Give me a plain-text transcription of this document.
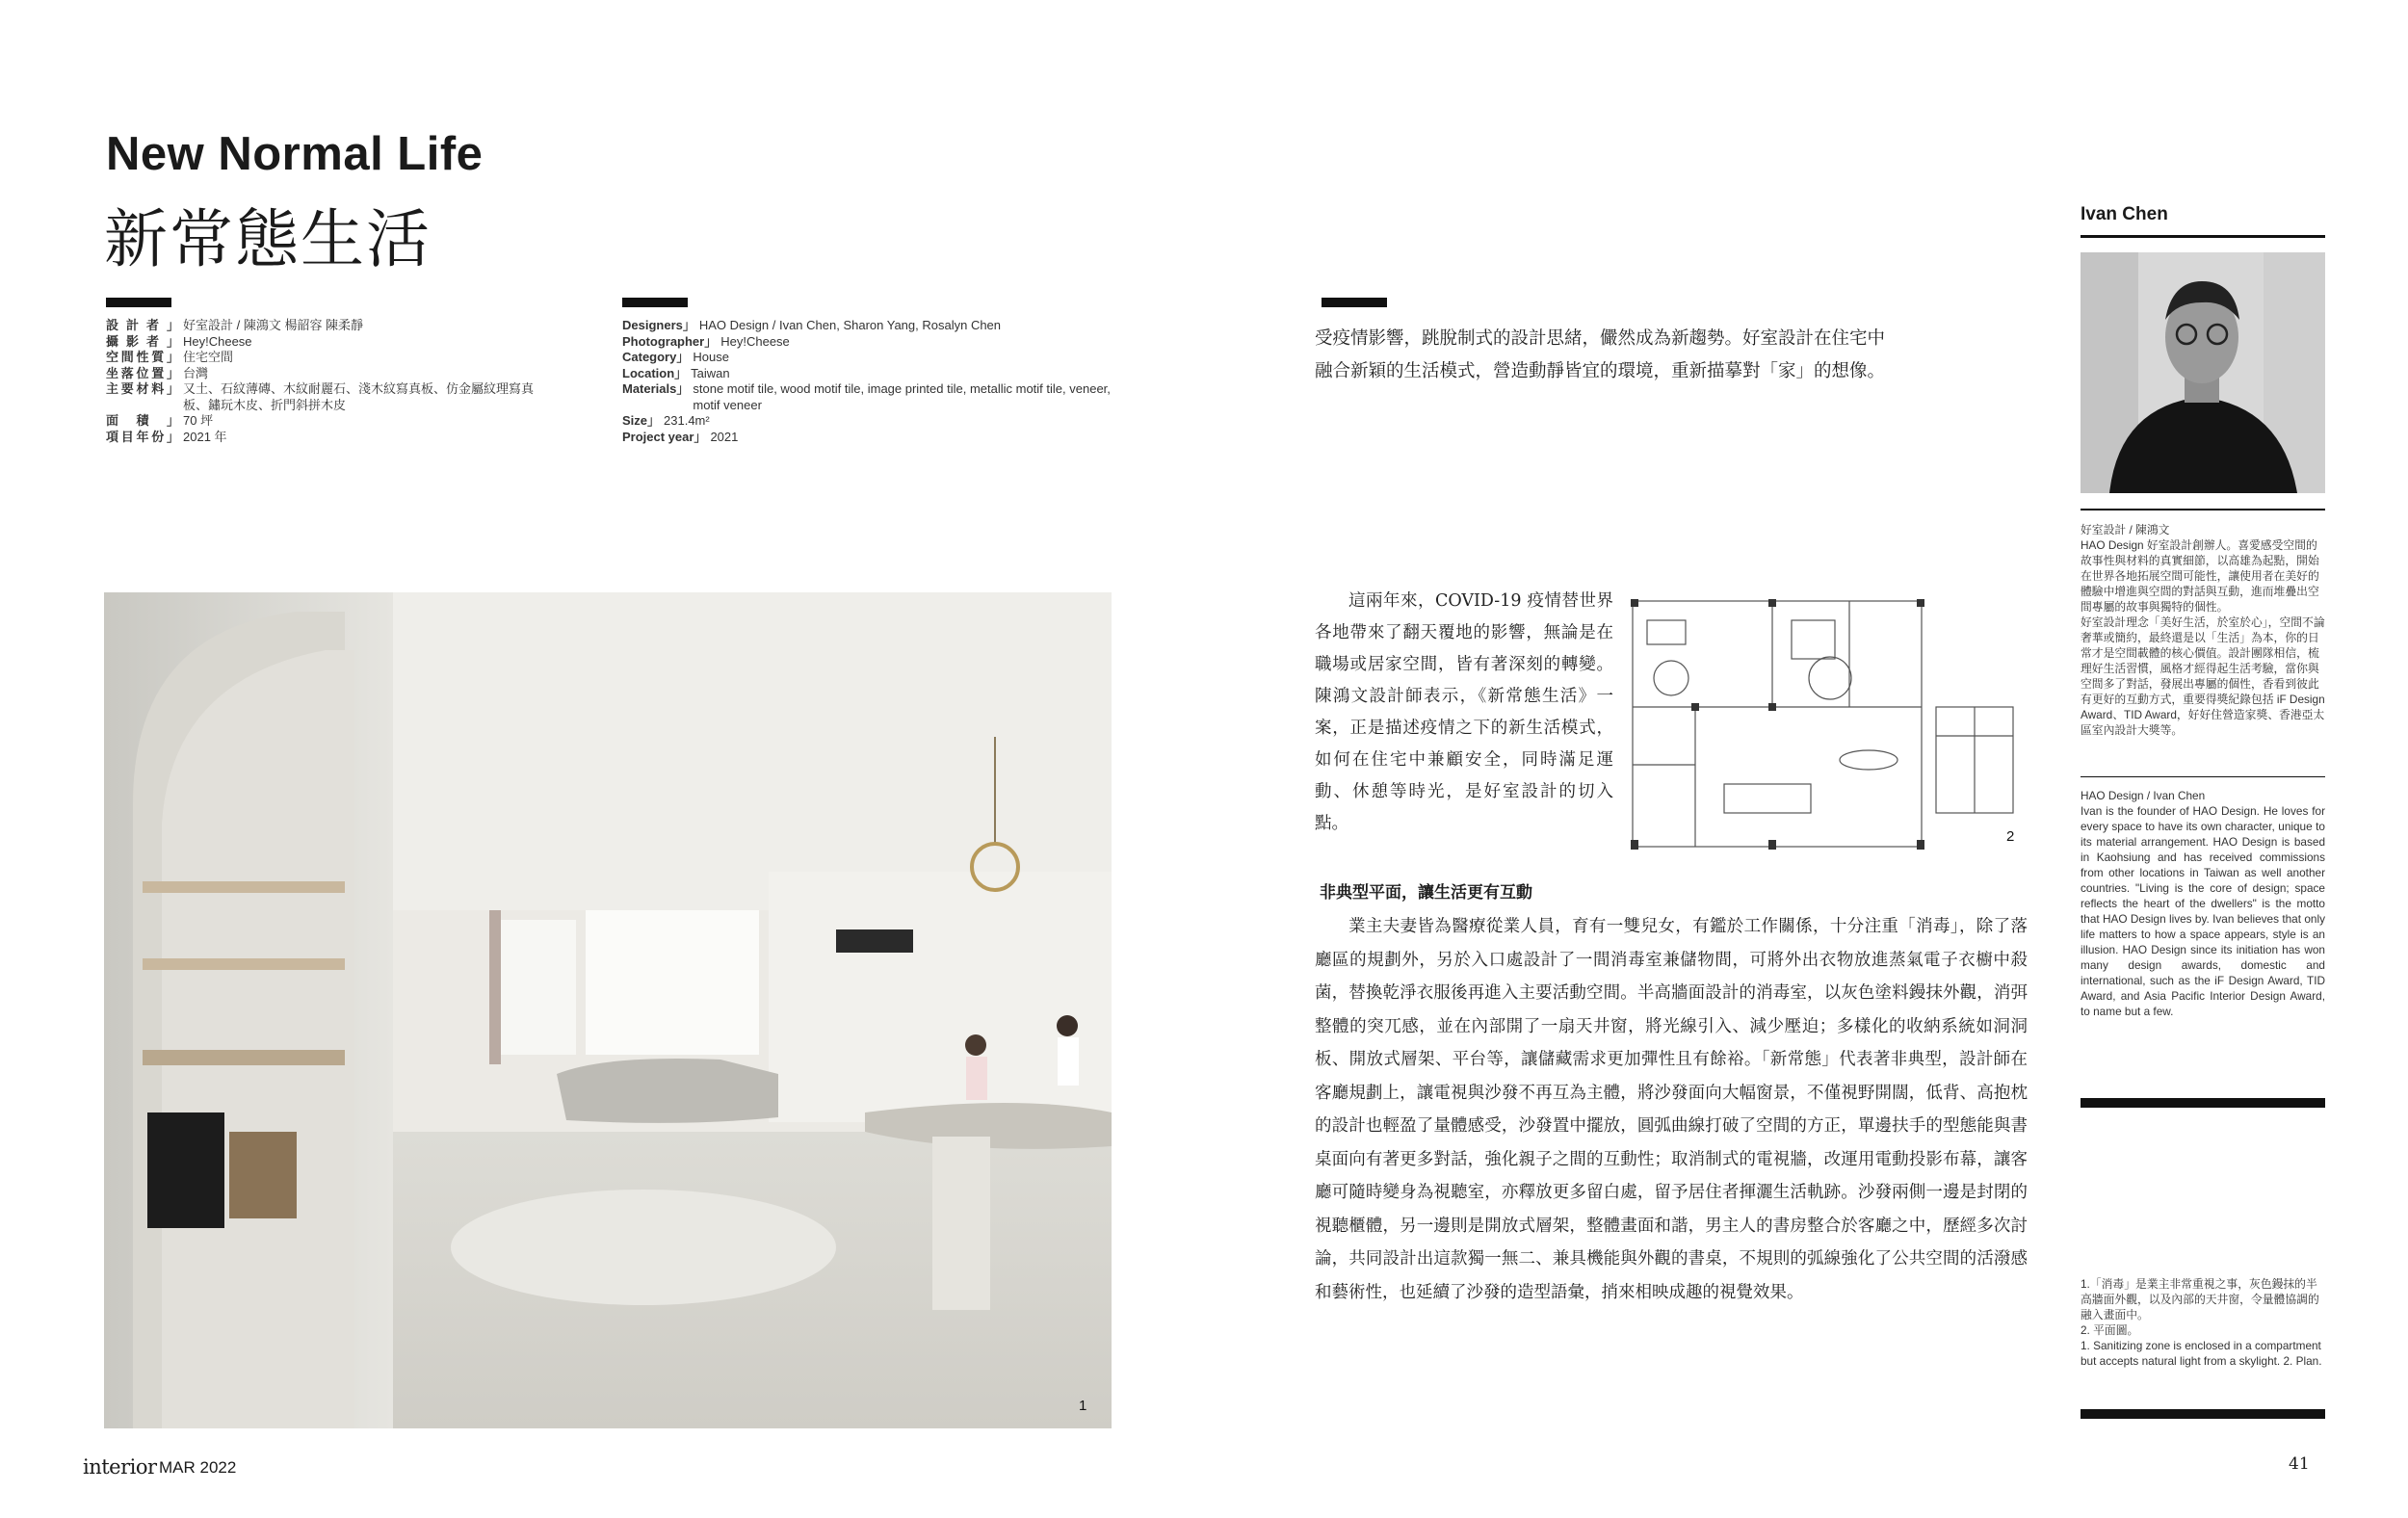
New Normal Life
新常態生活
設計者」 好室設計 / 陳鴻文 楊韶容 陳柔靜
攝影者」 Hey!Cheese
空間性質」 住宅空間
坐落位置」 台灣
主要材料」 又土、石紋薄磚、木紋耐麗石、淺木紋寫真板、仿金屬紋理寫真板、鏽玩木皮、折門斜拼木皮
面積」 70 坪
項目年份」 2021 年
Designers」 HAO Design / Ivan Chen, Sharon Yang, Rosalyn Chen
Photographer」 Hey!Cheese
Category」 House
Location」 Taiwan
Materials」 stone motif tile, wood motif tile, image printed tile, metallic motif tile, veneer, motif veneer
Size」 231.4m²
Project year」 2021
受疫情影響，跳脫制式的設計思緒，儼然成為新趨勢。好室設計在住宅中融合新穎的生活模式，營造動靜皆宜的環境，重新描摹對「家」的想像。
1
這兩年來，COVID-19 疫情替世界各地帶來了翻天覆地的影響，無論是在職場或居家空間，皆有著深刻的轉變。陳鴻文設計師表示，《新常態生活》一案，正是描述疫情之下的新生活模式，如何在住宅中兼顧安全，同時滿足運動、休憩等時光，是好室設計的切入點。
2
非典型平面，讓生活更有互動
業主夫妻皆為醫療從業人員，育有一雙兒女，有鑑於工作關係，十分注重「消毒」，除了落廳區的規劃外，另於入口處設計了一間消毒室兼儲物間，可將外出衣物放進蒸氣電子衣櫥中殺菌，替換乾淨衣服後再進入主要活動空間。半高牆面設計的消毒室，以灰色塗料鏝抹外觀，消弭整體的突兀感，並在內部開了一扇天井窗，將光線引入、減少壓迫；多樣化的收納系統如洞洞板、開放式層架、平台等，讓儲藏需求更加彈性且有餘裕。「新常態」代表著非典型，設計師在客廳規劃上，讓電視與沙發不再互為主體，將沙發面向大幅窗景，不僅視野開闊，低背、高抱枕的設計也輕盈了量體感受，沙發置中擺放，圓弧曲線打破了空間的方正，單邊扶手的型態能與書桌面向有著更多對話，強化親子之間的互動性；取消制式的電視牆，改運用電動投影布幕，讓客廳可隨時變身為視聽室，亦釋放更多留白處，留予居住者揮灑生活軌跡。沙發兩側一邊是封閉的視聽櫃體，另一邊則是開放式層架，整體畫面和諧，男主人的書房整合於客廳之中，歷經多次討論，共同設計出這款獨一無二、兼具機能與外觀的書桌，不規則的弧線強化了公共空間的活潑感和藝術性，也延續了沙發的造型語彙，捎來相映成趣的視覺效果。
Ivan Chen

好室設計 / 陳鴻文

HAO Design 好室設計創辦人。喜愛感受空間的故事性與材料的真實細節，以高雄為起點，開始在世界各地拓展空間可能性，讓使用者在美好的體驗中增進與空間的對話與互動，進而堆疊出空間專屬的故事與獨特的個性。

好室設計理念「美好生活，於室於心」，空間不論奢華或簡約，最終還是以「生活」為本，你的日常才是空間載體的核心價值。設計團隊相信，梳理好生活習慣，風格才經得起生活考驗，當你與空間多了對話，發展出專屬的個性，香看到彼此有更好的互動方式，重要得獎紀錄包括 iF Design Award、TID Award，好好住營造家獎、香港亞太區室內設計大獎等。

HAO Design / Ivan Chen

Ivan is the founder of HAO Design. He loves for every space to have its own character, unique to its material arrangement. HAO Design is based in Kaohsiung and has received commissions from other locations in Taiwan as well another countries. "Living is the core of design; space reflects the heart of the dwellers" is the motto that HAO Design lives by. Ivan believes that only life matters to how a space appears, style is an illusion. HAO Design since its initiation has won many design awards, domestic and international, such as the iF Design Award, TID Award, and Asia Pacific Interior Design Award, to name but a few.

1.「消毒」是業主非常重視之事，灰色鏝抹的半高牆面外觀，以及內部的天井窗，令量體協調的融入畫面中。

2. 平面圖。

1. Sanitizing zone is enclosed in a compartment but accepts natural light from a skylight. 2. Plan.

interior MAR 2022	41
